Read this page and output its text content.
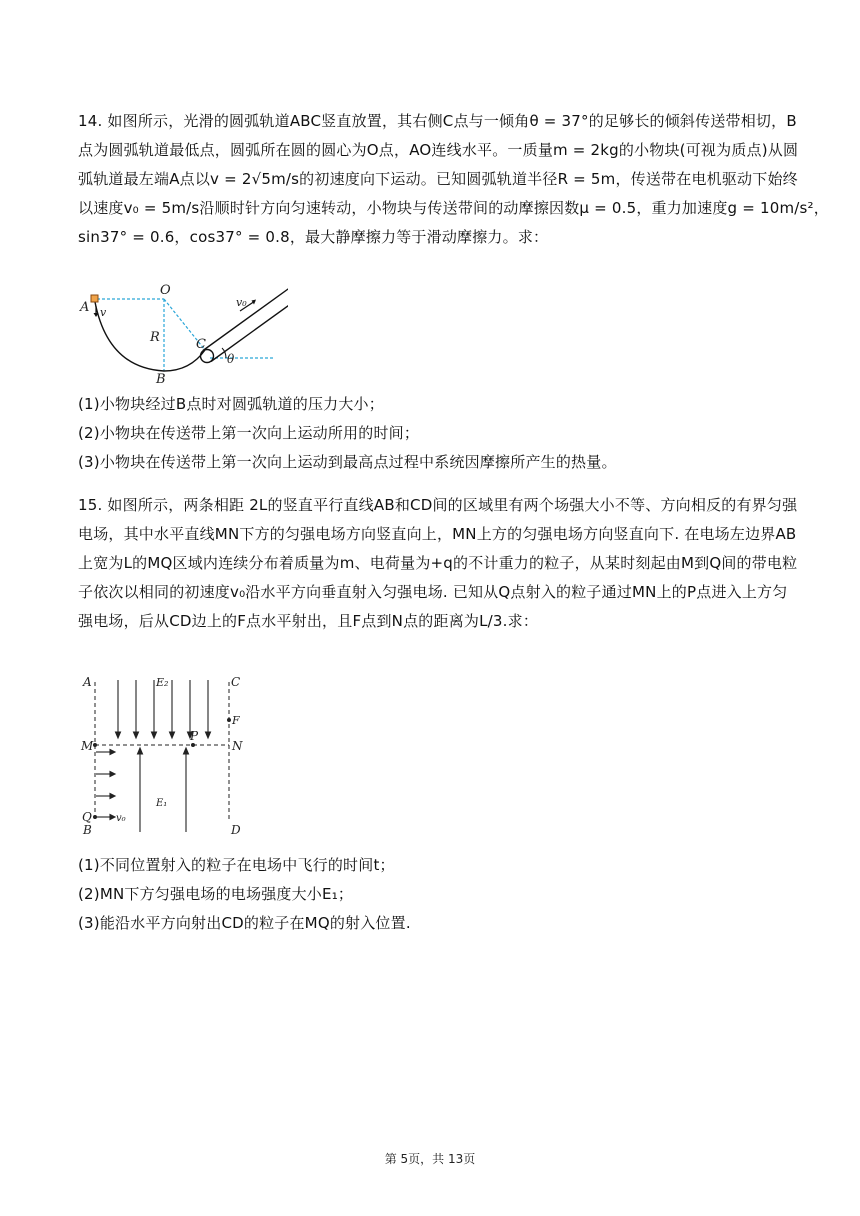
14. 如图所示，光滑的圆弧轨道ABC竖直放置，其右侧C点与一倾角θ = 37°的足够长的倾斜传送带相切，B
点为圆弧轨道最低点，圆弧所在圆的圆心为O点，AO连线水平。一质量m = 2kg的小物块(可视为质点)从圆
弧轨道最左端A点以v = 2√5m/s的初速度向下运动。已知圆弧轨道半径R = 5m，传送带在电机驱动下始终
以速度v₀ = 5m/s沿顺时针方向匀速转动，小物块与传送带间的动摩擦因数μ = 0.5，重力加速度g = 10m/s²，
sin37° = 0.6，cos37° = 0.8，最大静摩擦力等于滑动摩擦力。求：
A v
O
v₀
R	C
θ
B
(1)小物块经过B点时对圆弧轨道的压力大小；
(2)小物块在传送带上第一次向上运动所用的时间；
(3)小物块在传送带上第一次向上运动到最高点过程中系统因摩擦所产生的热量。
15. 如图所示，两条相距 2L的竖直平行直线AB和CD间的区域里有两个场强大小不等、方向相反的有界匀强
电场，其中水平直线MN下方的匀强电场方向竖直向上，MN上方的匀强电场方向竖直向下. 在电场左边界AB
上宽为L的MQ区域内连续分布着质量为m、电荷量为+q的不计重力的粒子，从某时刻起由M到Q间的带电粒
子依次以相同的初速度v₀沿水平方向垂直射入匀强电场. 已知从Q点射入的粒子通过MN上的P点进入上方匀
强电场，后从CD边上的F点水平射出，且F点到N点的距离为L/3.求：
A	E₂	C
F
M
P
N
E₁
Q v₀
B	D
(1)不同位置射入的粒子在电场中飞行的时间t；
(2)MN下方匀强电场的电场强度大小E₁；
(3)能沿水平方向射出CD的粒子在MQ的射入位置.
第 5页，共 13页
